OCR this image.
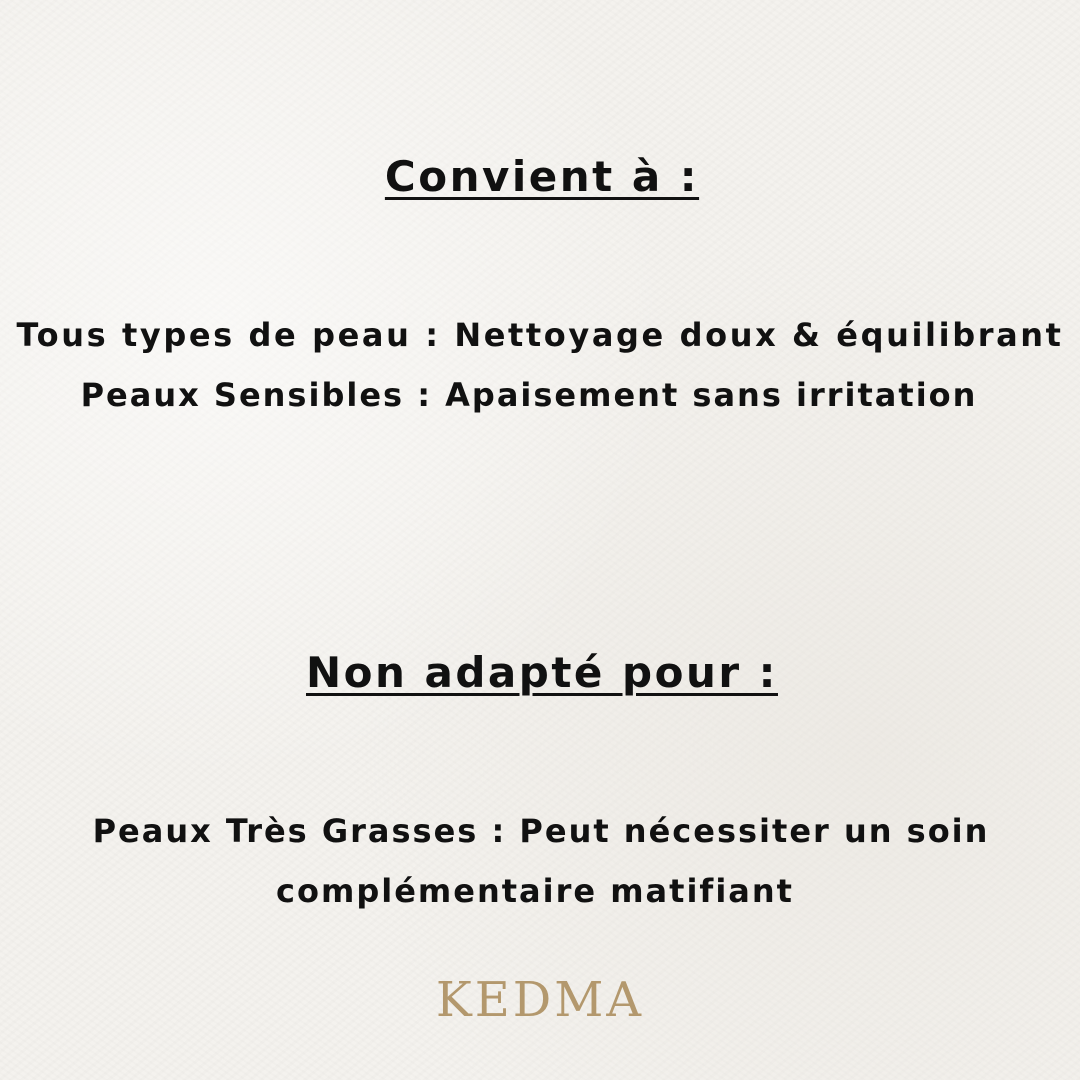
Convient à :
Tous types de peau : Nettoyage doux & équilibrant
Peaux Sensibles : Apaisement sans irritation
Non adapté pour :
Peaux Très Grasses : Peut nécessiter un soin
complémentaire matifiant
KEDMA
